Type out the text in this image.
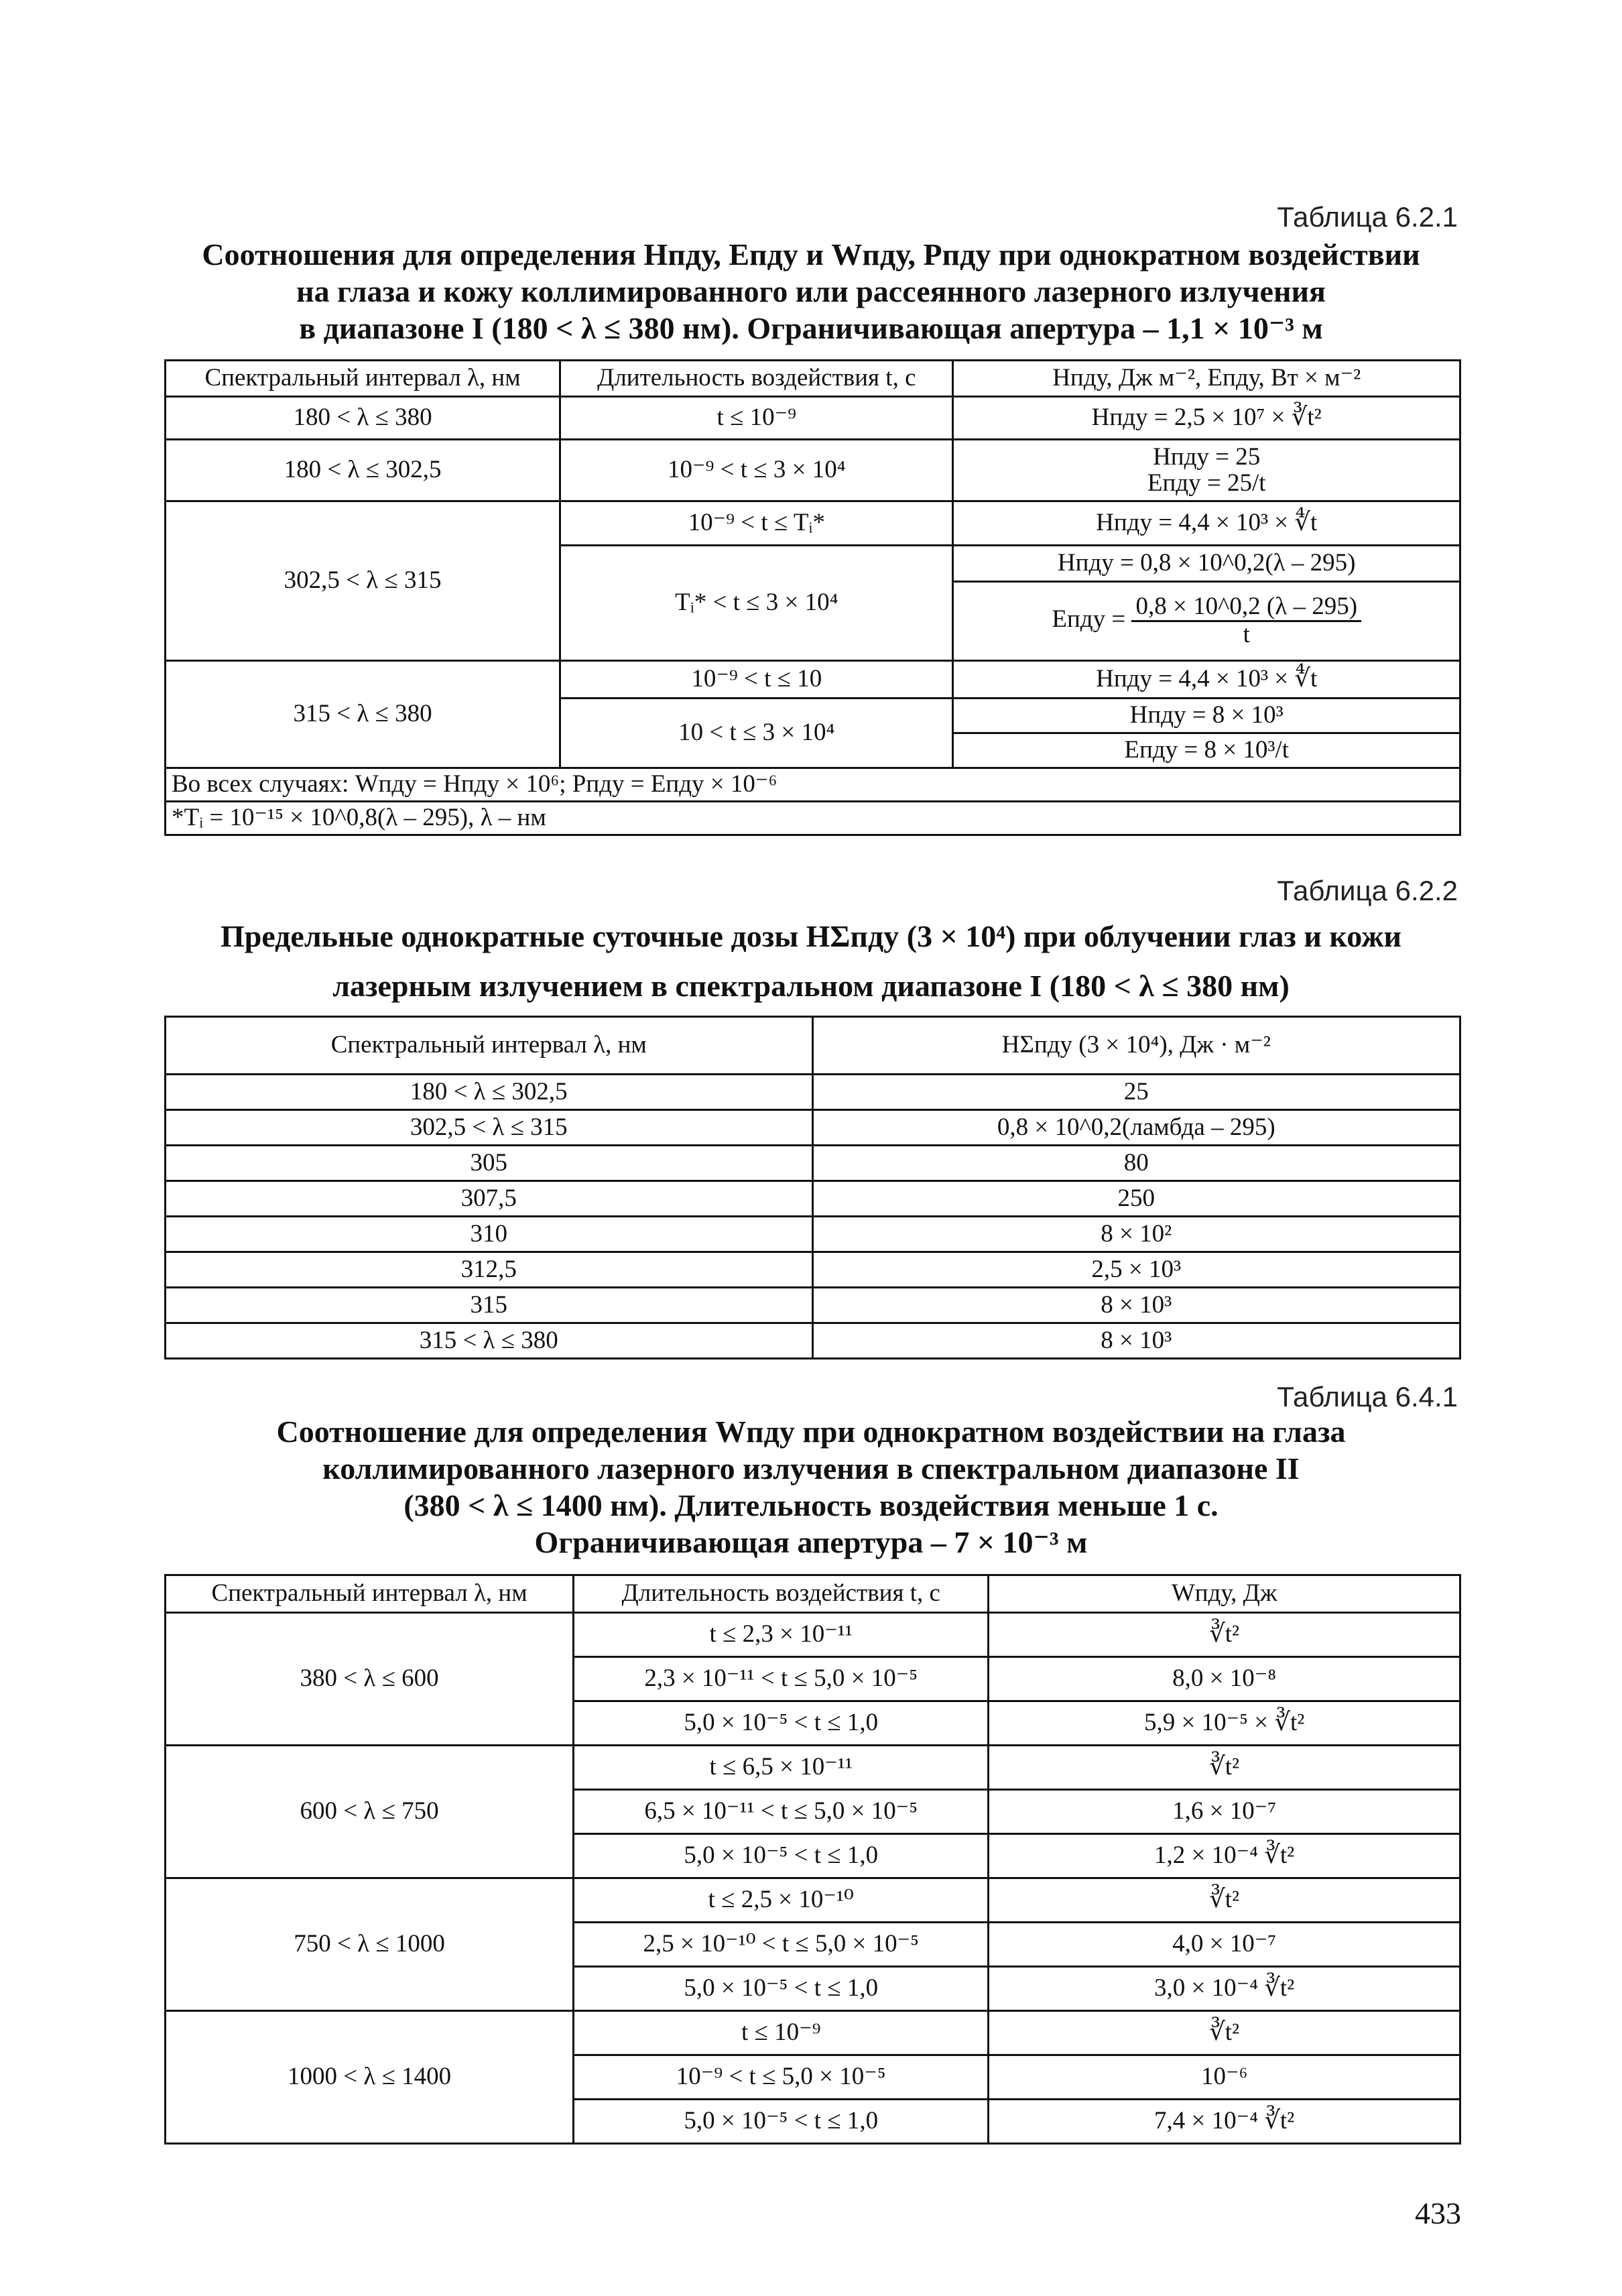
Таблица 6.2.1
Соотношения для определения Hпду, Eпду и Wпду, Pпду при однократном воздействии
на глаза и кожу коллимированного или рассеянного лазерного излучения
в диапазоне I (180 < λ ≤ 380 нм). Ограничивающая апертура – 1,1 × 10⁻³ м
Спектральный интервал λ, нм	Длительность воздействия t, с	Hпду, Дж м⁻², Eпду, Вт × м⁻²
180 < λ ≤ 380	t ≤ 10⁻⁹	Hпду = 2,5 × 10⁷ × ∛t²
180 < λ ≤ 302,5	10⁻⁹ < t ≤ 3 × 10⁴	Hпду = 25
Eпду = 25/t

302,5 < λ ≤ 315	10⁻⁹ < t ≤ Tᵢ*	Hпду = 4,4 × 10³ × ∜t
	Tᵢ* < t ≤ 3 × 10⁴	Hпду = 0,8 × 10^0,2(λ – 295)
		Eпду = $\frac{0,8 \times 10\^{}0,2 (\lambda - 295)}{t}$

315 < λ ≤ 380	10⁻⁹ < t ≤ 10	Hпду = 4,4 × 10³ × ∜t
	10 < t ≤ 3 × 10⁴	Hпду = 8 × 10³
		Eпду = 8 × 10³/t
Во всех случаях: Wпду = Hпду × 10⁶; Pпду = Eпду × 10⁻⁶		
*Tᵢ = 10⁻¹⁵ × 10^0,8(λ – 295), λ – нм		
Таблица 6.2.2
Предельные однократные суточные дозы HΣпду (3 × 10⁴) при облучении глаз и кожи
лазерным излучением в спектральном диапазоне I (180 < λ ≤ 380 нм)
Спектральный интервал λ, нм	HΣпду (3 × 10⁴), Дж · м⁻²
180 < λ ≤ 302,5	25
302,5 < λ ≤ 315	0,8 × 10^0,2(ламбда – 295)
305	80
307,5	250
310	8 × 10²
312,5	2,5 × 10³
315	8 × 10³
315 < λ ≤ 380	8 × 10³
Таблица 6.4.1
Соотношение для определения Wпду при однократном воздействии на глаза
коллимированного лазерного излучения в спектральном диапазоне II
(380 < λ ≤ 1400 нм). Длительность воздействия меньше 1 с.
Ограничивающая апертура – 7 × 10⁻³ м
Спектральный интервал λ, нм	Длительность воздействия t, с	Wпду, Дж
380 < λ ≤ 600	t ≤ 2,3 × 10⁻¹¹	∛t²
	2,3 × 10⁻¹¹ < t ≤ 5,0 × 10⁻⁵	8,0 × 10⁻⁸
	5,0 × 10⁻⁵ < t ≤ 1,0	5,9 × 10⁻⁵ × ∛t²
600 < λ ≤ 750	t ≤ 6,5 × 10⁻¹¹	∛t²
	6,5 × 10⁻¹¹ < t ≤ 5,0 × 10⁻⁵	1,6 × 10⁻⁷
	5,0 × 10⁻⁵ < t ≤ 1,0	1,2 × 10⁻⁴ ∛t²
750 < λ ≤ 1000	t ≤ 2,5 × 10⁻¹⁰	∛t²
	2,5 × 10⁻¹⁰ < t ≤ 5,0 × 10⁻⁵	4,0 × 10⁻⁷
	5,0 × 10⁻⁵ < t ≤ 1,0	3,0 × 10⁻⁴ ∛t²
1000 < λ ≤ 1400	t ≤ 10⁻⁹	∛t²
	10⁻⁹ < t ≤ 5,0 × 10⁻⁵	10⁻⁶
	5,0 × 10⁻⁵ < t ≤ 1,0	7,4 × 10⁻⁴ ∛t²
433
